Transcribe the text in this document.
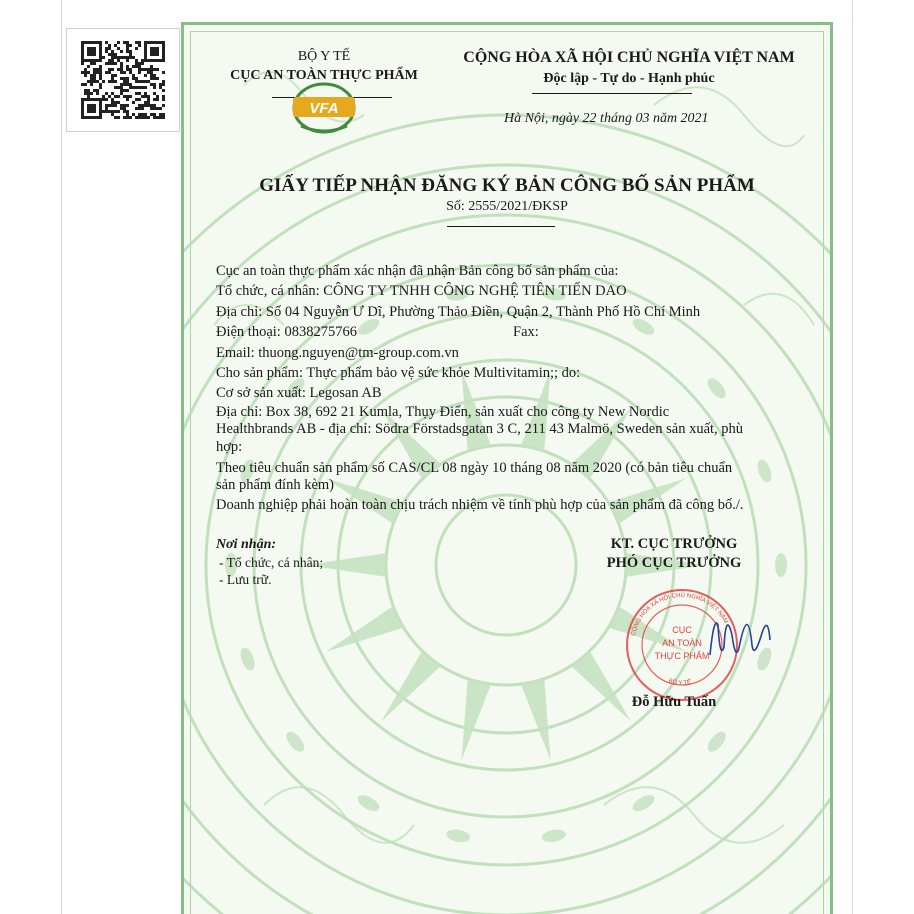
BỘ Y TẾ
CỤC AN TOÀN THỰC PHẨM
VFA
CỘNG HÒA XÃ HỘI CHỦ NGHĨA VIỆT NAM
Độc lập - Tự do - Hạnh phúc
Hà Nội, ngày 22 tháng 03 năm 2021
GIẤY TIẾP NHẬN ĐĂNG KÝ BẢN CÔNG BỐ SẢN PHẨM
Số: 2555/2021/ĐKSP
Cục an toàn thực phẩm xác nhận đã nhận Bản công bố sản phẩm của:
Tổ chức, cá nhân: CÔNG TY TNHH CÔNG NGHỆ TIÊN TIẾN DAO
Địa chỉ: Số 04 Nguyễn Ư Dĩ, Phường Thảo Điền, Quận 2, Thành Phố Hồ Chí Minh
Điện thoại: 0838275766	Fax:
Email: thuong.nguyen@tm-group.com.vn
Cho sản phẩm: Thực phẩm bảo vệ sức khỏe Multivitamin;; do:
Cơ sở sản xuất: Legosan AB
Địa chỉ: Box 38, 692 21 Kumla, Thụy Điển, sản xuất cho công ty New Nordic
Healthbrands AB - địa chỉ: Södra Förstadsgatan 3 C, 211 43 Malmö, Sweden sản xuất, phù
hợp:
Theo tiêu chuẩn sản phẩm số CAS/CL 08 ngày 10 tháng 08 năm 2020 (có bản tiêu chuẩn
sản phẩm đính kèm)
Doanh nghiệp phải hoàn toàn chịu trách nhiệm về tính phù hợp của sản phẩm đã công bố./.
Nơi nhận:
- Tổ chức, cá nhân;
- Lưu trữ.
KT. CỤC TRƯỞNG
PHÓ CỤC TRƯỞNG
CỘNG HÒA XÃ HỘI CHỦ NGHĨA VIỆT NAM
BỘ Y TẾ
CỤC
AN TOÀN
THỰC PHẨM
Đỗ Hữu Tuấn
